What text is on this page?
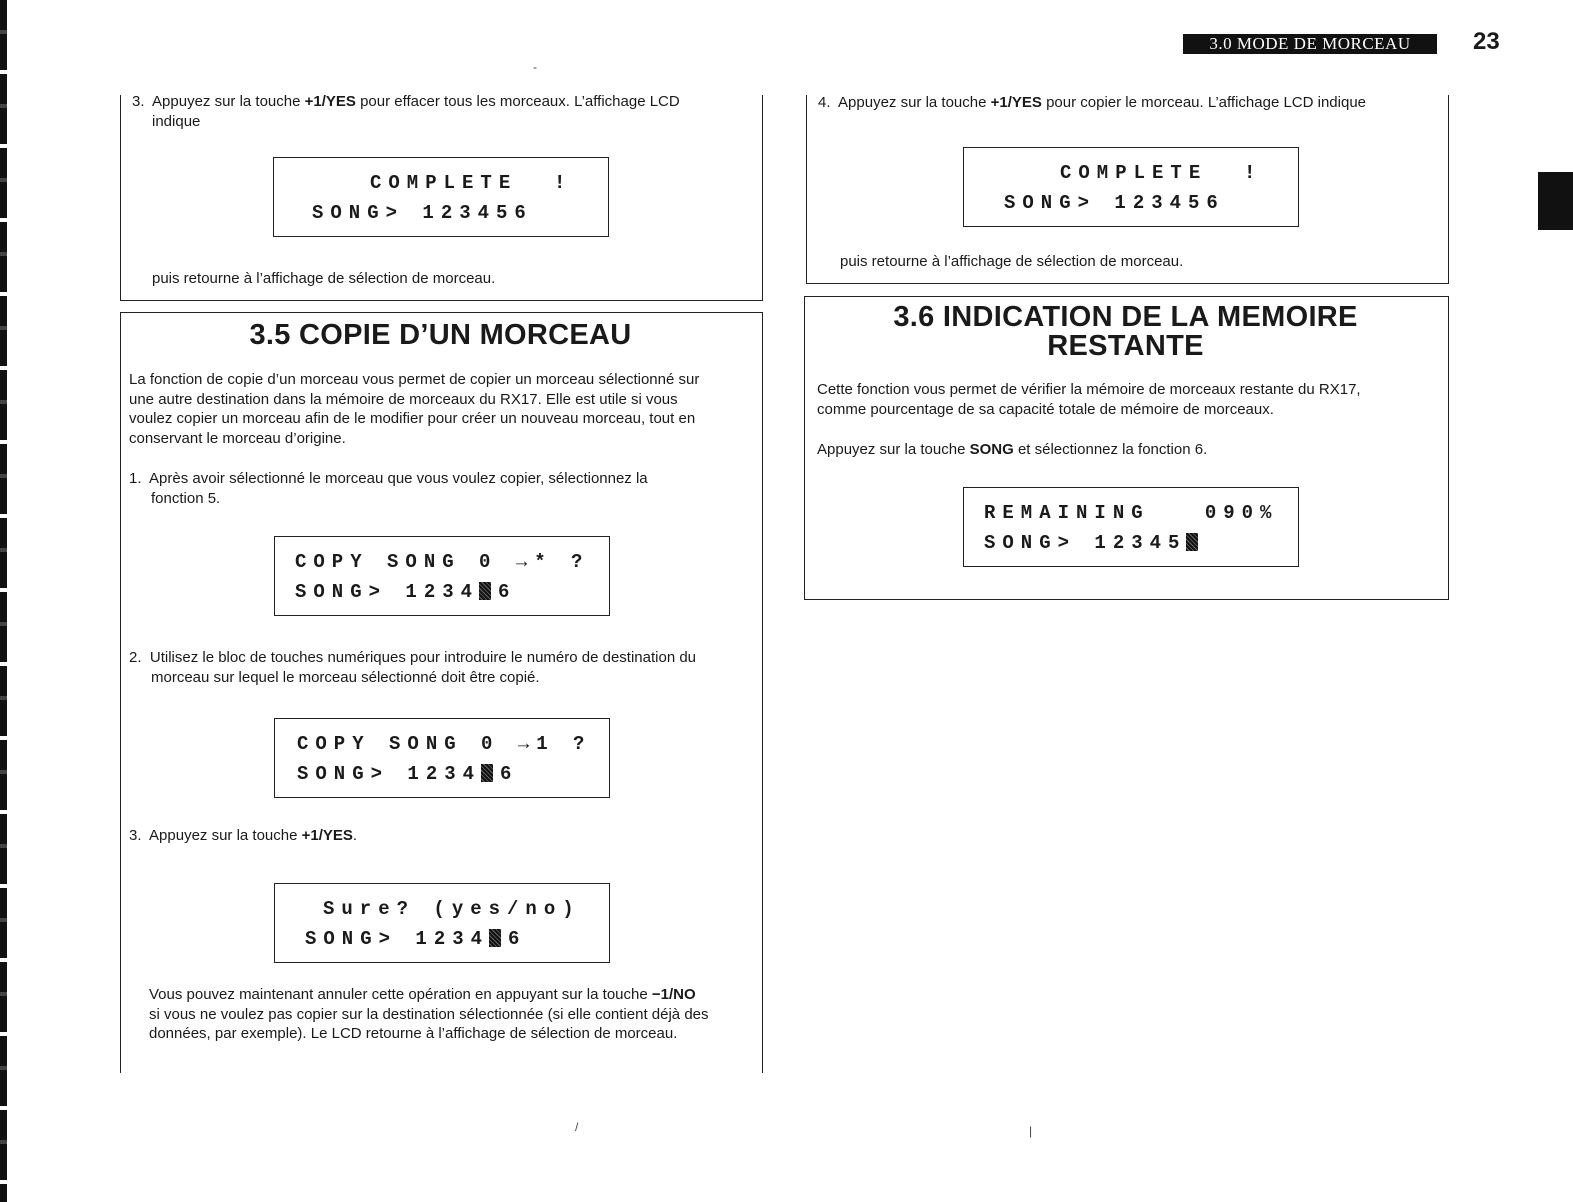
3.0 MODE DE MORCEAU	23
-
/	|

3. Appuyez sur la touche +1/YES pour effacer tous les morceaux. L’affichage LCD
indique

COMPLETE  !
SONG> 123456

puis retourne à l’affichage de sélection de morceau.

3.5 COPIE D’UN MORCEAU

La fonction de copie d’un morceau vous permet de copier un morceau sélectionné sur
une autre destination dans la mémoire de morceaux du RX17. Elle est utile si vous
voulez copier un morceau afin de le modifier pour créer un nouveau morceau, tout en
conservant le morceau d’origine.

1. Après avoir sélectionné le morceau que vous voulez copier, sélectionnez la
fonction 5.

COPY SONG 0 →* ?
SONG> 1234 6

2. Utilisez le bloc de touches numériques pour introduire le numéro de destination du
morceau sur lequel le morceau sélectionné doit être copié.

COPY SONG 0 →1 ?
SONG> 1234 6

3. Appuyez sur la touche +1/YES.

Sure? (yes/no)
SONG> 1234 6

Vous pouvez maintenant annuler cette opération en appuyant sur la touche −1/NO
si vous ne voulez pas copier sur la destination sélectionnée (si elle contient déjà des
données, par exemple). Le LCD retourne à l’affichage de sélection de morceau.

4. Appuyez sur la touche +1/YES pour copier le morceau. L’affichage LCD indique

COMPLETE  !
SONG> 123456

puis retourne à l’affichage de sélection de morceau.

3.6 INDICATION DE LA MEMOIRE
RESTANTE

Cette fonction vous permet de vérifier la mémoire de morceaux restante du RX17,
comme pourcentage de sa capacité totale de mémoire de morceaux.

Appuyez sur la touche SONG et sélectionnez la fonction 6.

REMAINING   090%
SONG> 12345
